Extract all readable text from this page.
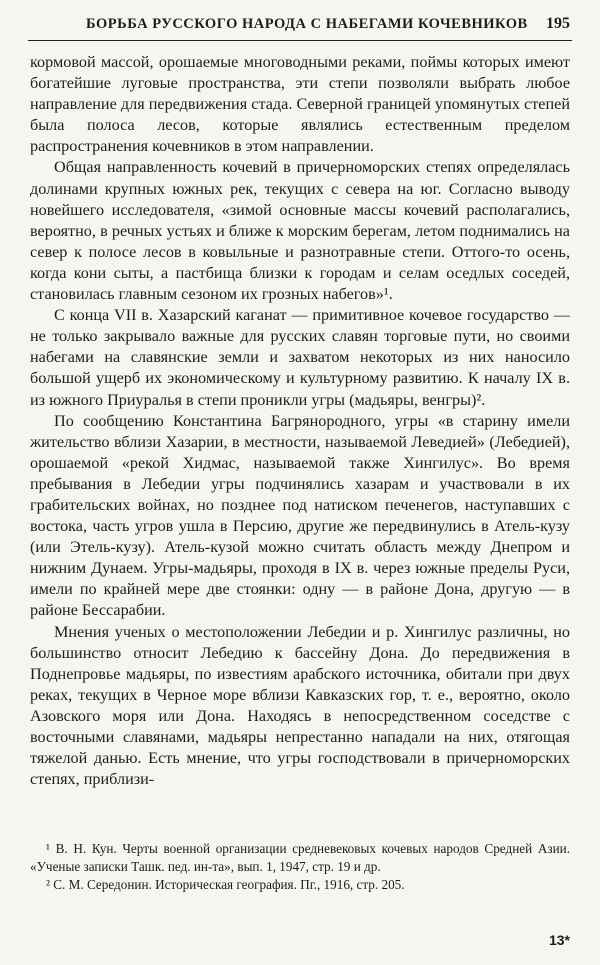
БОРЬБА РУССКОГО НАРОДА С НАБЕГАМИ КОЧЕВНИКОВ 195

кормовой массой, орошаемые многоводными реками, поймы которых имеют богатейшие луговые пространства, эти степи позволяли выбрать любое направление для передвижения стада. Северной границей упомянутых степей была полоса лесов, которые являлись естественным пределом распространения кочевников в этом направлении.

Общая направленность кочевий в причерноморских степях определялась долинами крупных южных рек, текущих с севера на юг. Согласно выводу новейшего исследователя, «зимой основные массы кочевий располагались, вероятно, в речных устьях и ближе к морским берегам, летом поднимались на север к полосе лесов в ковыльные и разнотравные степи. Оттого-то осень, когда кони сыты, а пастбища близки к городам и селам оседлых соседей, становилась главным сезоном их грозных набегов»¹.

С конца VII в. Хазарский каганат — примитивное кочевое государство — не только закрывало важные для русских славян торговые пути, но своими набегами на славянские земли и захватом некоторых из них наносило большой ущерб их экономическому и культурному развитию. К началу IX в. из южного Приуралья в степи проникли угры (мадьяры, венгры)².

По сообщению Константина Багрянородного, угры «в старину имели жительство вблизи Хазарии, в местности, называемой Леведией» (Лебедией), орошаемой «рекой Хидмас, называемой также Хингилус». Во время пребывания в Лебедии угры подчинялись хазарам и участвовали в их грабительских войнах, но позднее под натиском печенегов, наступавших с востока, часть угров ушла в Персию, другие же передвинулись в Атель-кузу (или Этель-кузу). Атель-кузой можно считать область между Днепром и нижним Дунаем. Угры-мадьяры, проходя в IX в. через южные пределы Руси, имели по крайней мере две стоянки: одну — в районе Дона, другую — в районе Бессарабии.

Мнения ученых о местоположении Лебедии и р. Хингилус различны, но большинство относит Лебедию к бассейну Дона. До передвижения в Поднепровье мадьяры, по известиям арабского источника, обитали при двух реках, текущих в Черное море вблизи Кавказских гор, т. е., вероятно, около Азовского моря или Дона. Находясь в непосредственном соседстве с восточными славянами, мадьяры непрестанно нападали на них, отягощая тяжелой данью. Есть мнение, что угры господствовали в причерноморских степях, приблизи-

¹ В. Н. Кун. Черты военной организации средневековых кочевых народов Средней Азии. «Ученые записки Ташк. пед. ин-та», вып. 1, 1947, стр. 19 и др.

² С. М. Середонин. Историческая география. Пг., 1916, стр. 205.

13*
